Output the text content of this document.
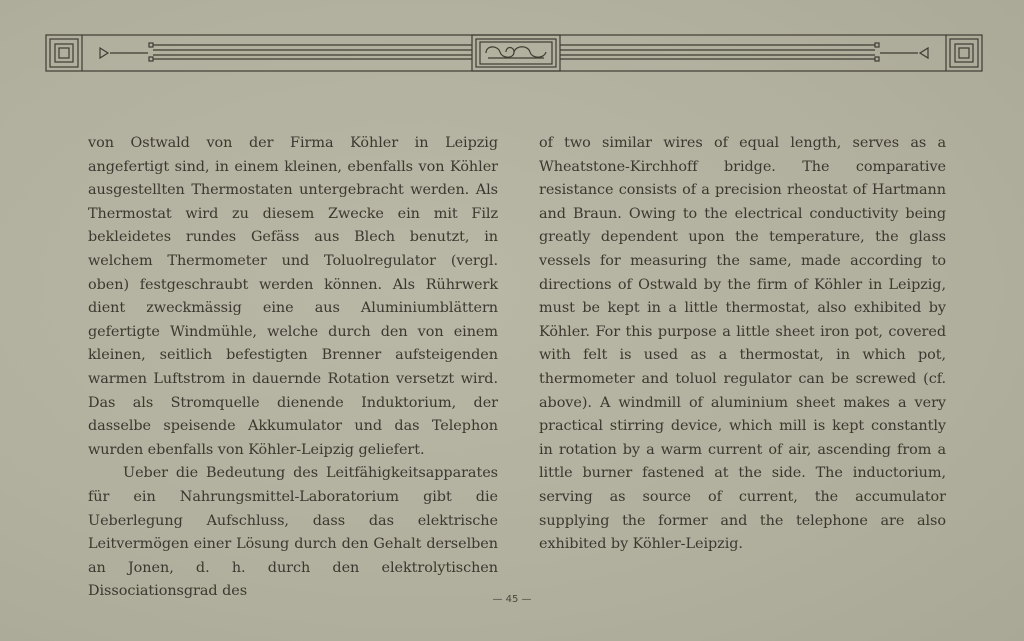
von Ostwald von der Firma Köhler in Leipzig angefertigt sind, in einem kleinen, ebenfalls von Köhler ausgestellten Thermostaten untergebracht werden. Als Thermostat wird zu diesem Zwecke ein mit Filz bekleidetes rundes Gefäss aus Blech benutzt, in welchem Thermometer und Toluolregulator (vergl. oben) festgeschraubt werden können. Als Rührwerk dient zweckmässig eine aus Aluminiumblättern gefertigte Windmühle, welche durch den von einem kleinen, seitlich befestigten Brenner aufsteigenden warmen Luftstrom in dauernde Rotation versetzt wird. Das als Stromquelle dienende Induktorium, der dasselbe speisende Akkumulator und das Telephon wurden ebenfalls von Köhler-Leipzig geliefert.

Ueber die Bedeutung des Leitfähigkeitsapparates für ein Nahrungsmittel-Laboratorium gibt die Ueberlegung Aufschluss, dass das elektrische Leitvermögen einer Lösung durch den Gehalt derselben an Jonen, d. h. durch den elektrolytischen Dissociationsgrad des

of two similar wires of equal length, serves as a Wheatstone-Kirchhoff bridge. The comparative resistance consists of a precision rheostat of Hartmann and Braun. Owing to the electrical conductivity being greatly dependent upon the temperature, the glass vessels for measuring the same, made according to directions of Ostwald by the firm of Köhler in Leipzig, must be kept in a little thermostat, also exhibited by Köhler. For this purpose a little sheet iron pot, covered with felt is used as a thermostat, in which pot, thermometer and toluol regulator can be screwed (cf. above). A windmill of aluminium sheet makes a very practical stirring device, which mill is kept constantly in rotation by a warm current of air, ascending from a little burner fastened at the side. The inductorium, serving as source of current, the accumulator supplying the former and the telephone are also exhibited by Köhler-Leipzig.

— 45 —
